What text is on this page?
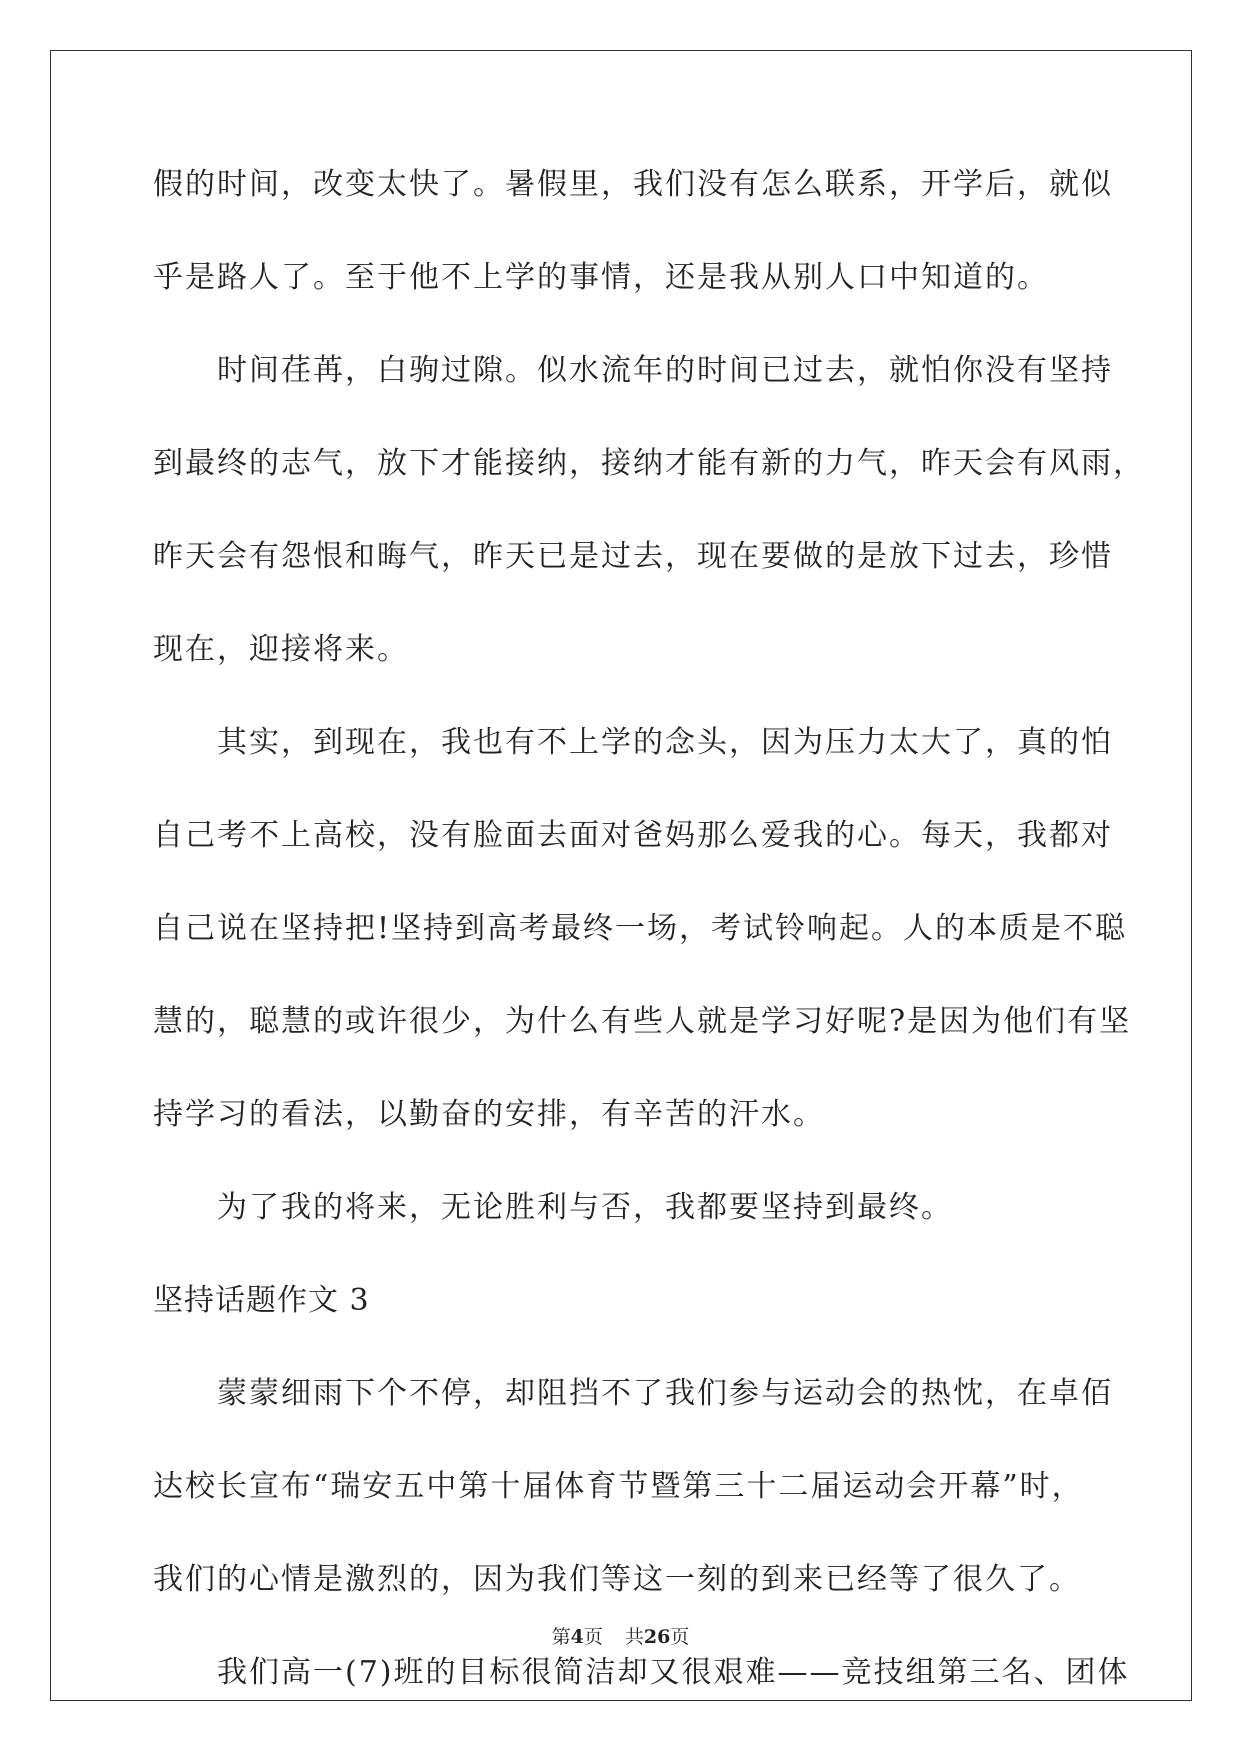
假的时间，改变太快了。暑假里，我们没有怎么联系，开学后，就似
乎是路人了。至于他不上学的事情，还是我从别人口中知道的。
时间荏苒，白驹过隙。似水流年的时间已过去，就怕你没有坚持
到最终的志气，放下才能接纳，接纳才能有新的力气，昨天会有风雨，
昨天会有怨恨和晦气，昨天已是过去，现在要做的是放下过去，珍惜
现在，迎接将来。
其实，到现在，我也有不上学的念头，因为压力太大了，真的怕
自己考不上高校，没有脸面去面对爸妈那么爱我的心。每天，我都对
自己说在坚持把!坚持到高考最终一场，考试铃响起。人的本质是不聪
慧的，聪慧的或许很少，为什么有些人就是学习好呢?是因为他们有坚
持学习的看法，以勤奋的安排，有辛苦的汗水。
为了我的将来，无论胜利与否，我都要坚持到最终。
坚持话题作文 3
蒙蒙细雨下个不停，却阻挡不了我们参与运动会的热忱，在卓佰
达校长宣布“瑞安五中第十届体育节暨第三十二届运动会开幕”时，
我们的心情是激烈的，因为我们等这一刻的到来已经等了很久了。
我们高一(7)班的目标很简洁却又很艰难——竞技组第三名、团体
第4页 共26页
